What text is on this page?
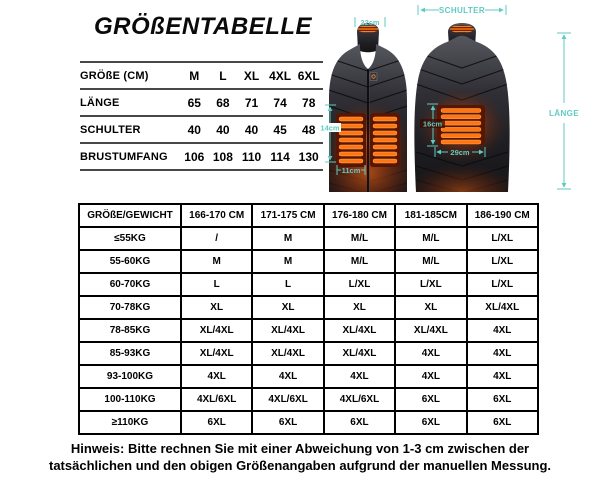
GRÖßENTABELLE
GRÖßE (CM)	M	L	XL 4XL 6XL
LÄNGE	65	68	71	74	78
SCHULTER	40	40	40	45	48
BRUSTUMFANG	106 108 110 114 130
22cm
SCHULTER
14cm
11cm
16cm
29cm
LÄNGE
GRÖßE/GEWICHT	166-170 CM	171-175 CM	176-180 CM	181-185CM	186-190 CM
≤55KG	/	M	M/L	M/L	L/XL
55-60KG	M	M	M/L	M/L	L/XL
60-70KG	L	L	L/XL	L/XL	L/XL
70-78KG	XL	XL	XL	XL	XL/4XL
78-85KG	XL/4XL	XL/4XL	XL/4XL	XL/4XL	4XL
85-93KG	XL/4XL	XL/4XL	XL/4XL	4XL	4XL
93-100KG	4XL	4XL	4XL	4XL	4XL
100-110KG	4XL/6XL	4XL/6XL	4XL/6XL	6XL	6XL
≥110KG	6XL	6XL	6XL	6XL	6XL

Hinweis: Bitte rechnen Sie mit einer Abweichung von 1-3 cm zwischen der
tatsächlichen und den obigen Größenangaben aufgrund der manuellen Messung.
